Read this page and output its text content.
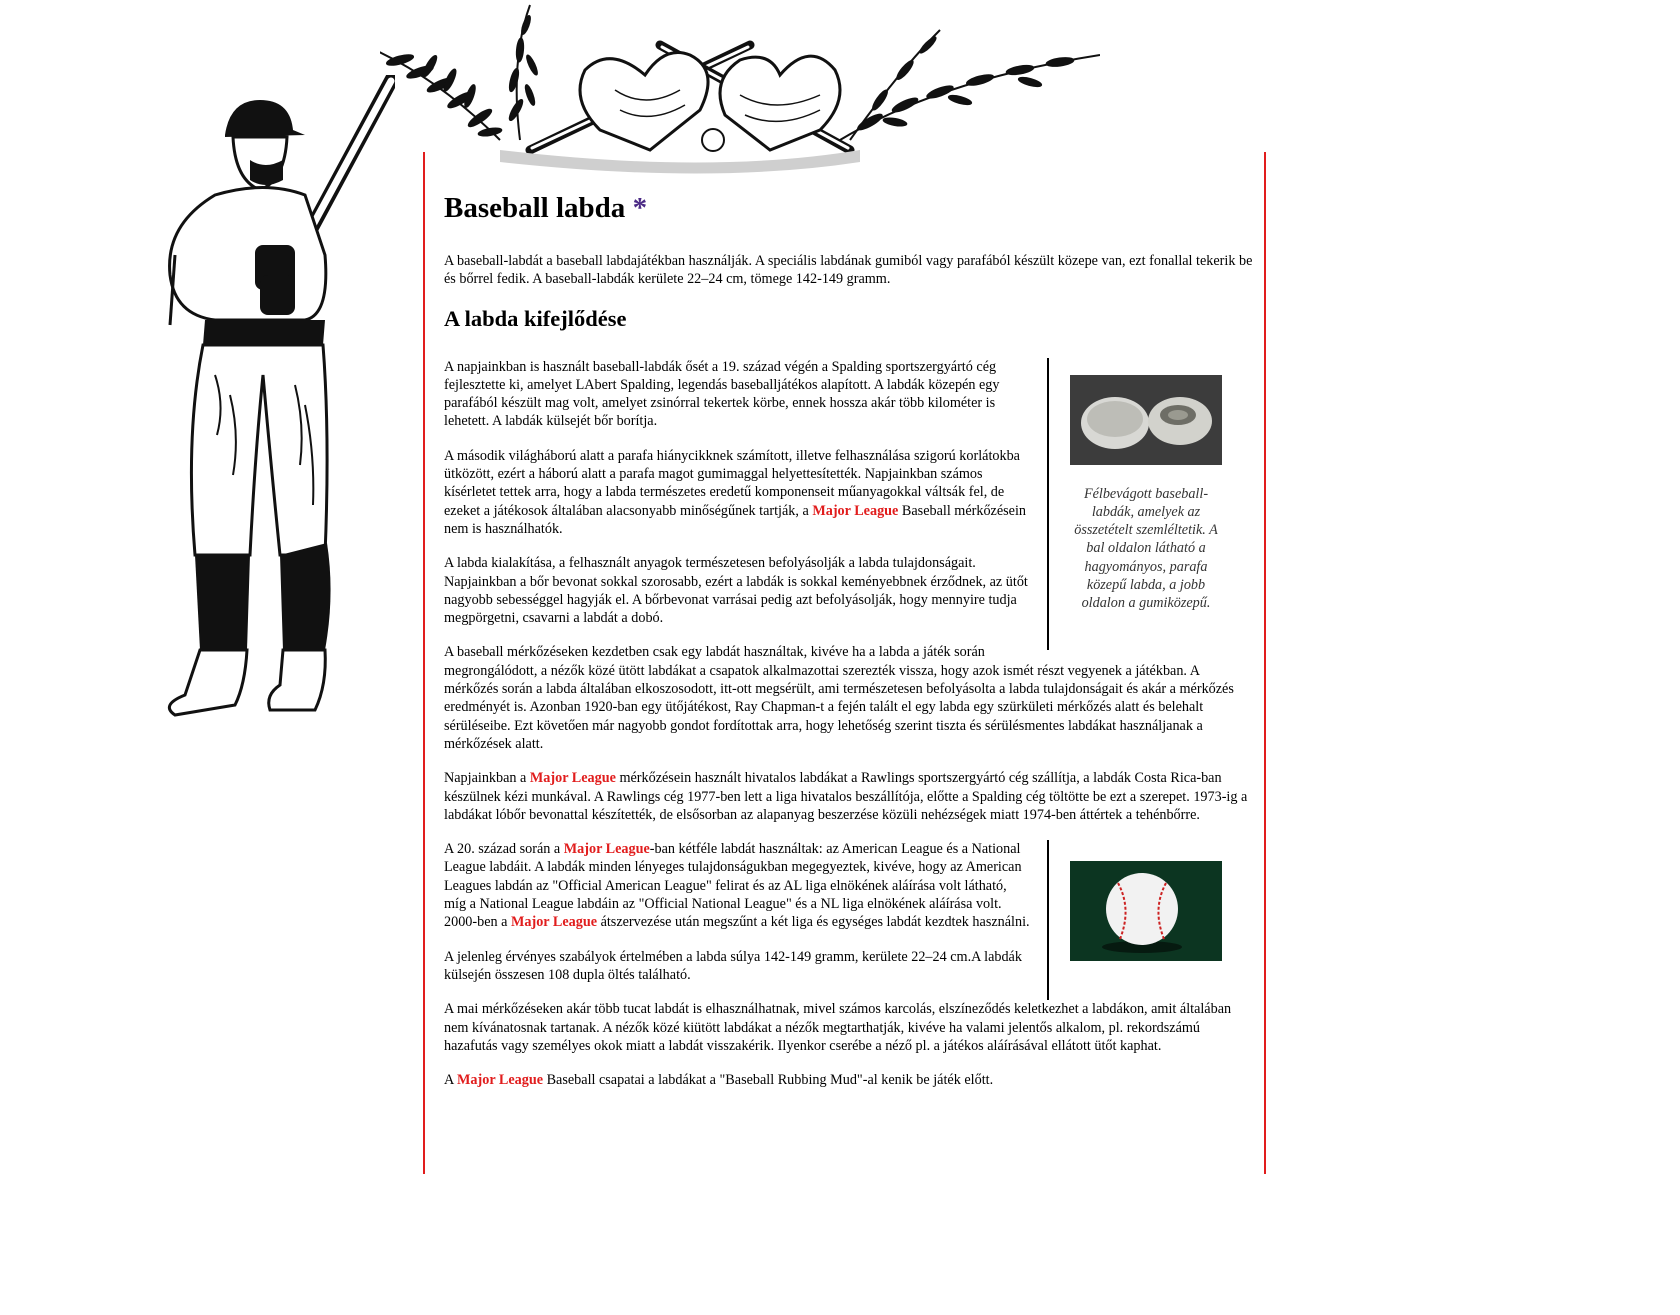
Baseball labda *

A baseball-labdát a baseball labdajátékban használják. A speciális labdának gumiból vagy parafából készült közepe van, ezt fonallal tekerik be és bőrrel fedik. A baseball-labdák kerülete 22–24 cm, tömege 142-149 gramm.

A labda kifejlődése
Félbevágott baseball-labdák, amelyek az összetételt szemléltetik. A bal oldalon látható a hagyományos, parafa közepű labda, a jobb oldalon a gumiközepű.

A napjainkban is használt baseball-labdák ősét a 19. század végén a Spalding sportszergyártó cég fejlesztette ki, amelyet LAbert Spalding, legendás baseballjátékos alapított. A labdák közepén egy parafából készült mag volt, amelyet zsinórral tekertek körbe, ennek hossza akár több kilométer is lehetett. A labdák külsejét bőr borítja.

A második világháború alatt a parafa hiánycikknek számított, illetve felhasználása szigorú korlátokba ütközött, ezért a háború alatt a parafa magot gumimaggal helyettesítették. Napjainkban számos kísérletet tettek arra, hogy a labda természetes eredetű komponenseit műanyagokkal váltsák fel, de ezeket a játékosok általában alacsonyabb minőségűnek tartják, a Major League Baseball mérkőzésein nem is használhatók.

A labda kialakítása, a felhasznált anyagok természetesen befolyásolják a labda tulajdonságait. Napjainkban a bőr bevonat sokkal szorosabb, ezért a labdák is sokkal keményebbnek érződnek, az ütőt nagyobb sebességgel hagyják el. A bőrbevonat varrásai pedig azt befolyásolják, hogy mennyire tudja megpörgetni, csavarni a labdát a dobó.

A baseball mérkőzéseken kezdetben csak egy labdát használtak, kivéve ha a labda a játék során megrongálódott, a nézők közé ütött labdákat a csapatok alkalmazottai szerezték vissza, hogy azok ismét részt vegyenek a játékban. A mérkőzés során a labda általában elkoszosodott, itt-ott megsérült, ami természetesen befolyásolta a labda tulajdonságait és akár a mérkőzés eredményét is. Azonban 1920-ban egy ütőjátékost, Ray Chapman-t a fején talált el egy labda egy szürkületi mérkőzés alatt és belehalt sérüléseibe. Ezt követően már nagyobb gondot fordítottak arra, hogy lehetőség szerint tiszta és sérülésmentes labdákat használjanak a mérkőzések alatt.

Napjainkban a Major League mérkőzésein használt hivatalos labdákat a Rawlings sportszergyártó cég szállítja, a labdák Costa Rica-ban készülnek kézi munkával. A Rawlings cég 1977-ben lett a liga hivatalos beszállítója, előtte a Spalding cég töltötte be ezt a szerepet. 1973-ig a labdákat lóbőr bevonattal készítették, de elsősorban az alapanyag beszerzése közüli nehézségek miatt 1974-ben áttértek a tehénbőrre.

A 20. század során a Major League-ban kétféle labdát használtak: az American League és a National League labdáit. A labdák minden lényeges tulajdonságukban megegyeztek, kivéve, hogy az American Leagues labdán az "Official American League" felirat és az AL liga elnökének aláírása volt látható, míg a National League labdáin az "Official National League" és a NL liga elnökének aláírása volt. 2000-ben a Major League átszervezése után megszűnt a két liga és egységes labdát kezdtek használni.

A jelenleg érvényes szabályok értelmében a labda súlya 142-149 gramm, kerülete 22–24 cm.A labdák külsején összesen 108 dupla öltés található.

A mai mérkőzéseken akár több tucat labdát is elhasználhatnak, mivel számos karcolás, elszíneződés keletkezhet a labdákon, amit általában nem kívánatosnak tartanak. A nézők közé kiütött labdákat a nézők megtarthatják, kivéve ha valami jelentős alkalom, pl. rekordszámú hazafutás vagy személyes okok miatt a labdát visszakérik. Ilyenkor cserébe a néző pl. a játékos aláírásával ellátott ütőt kaphat.

A Major League Baseball csapatai a labdákat a "Baseball Rubbing Mud"-al kenik be játék előtt.
